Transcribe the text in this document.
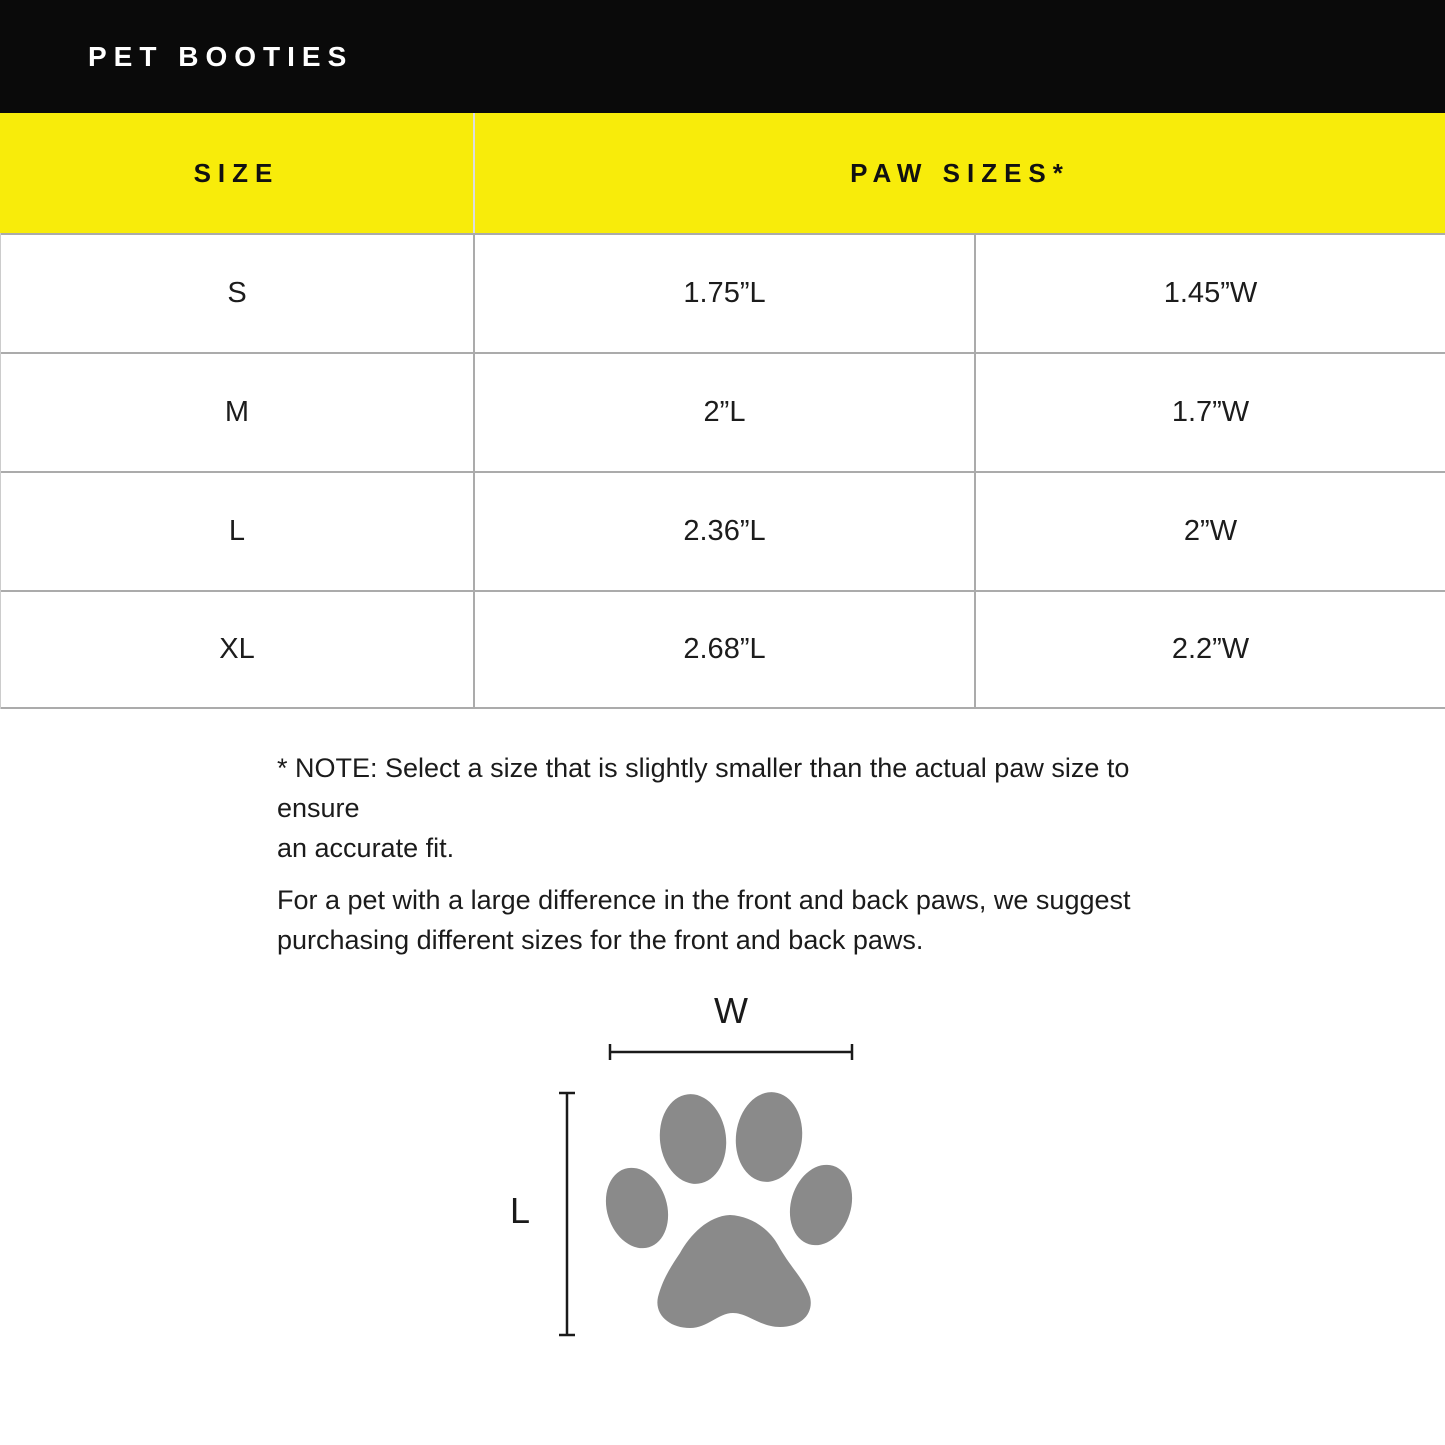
PET BOOTIES
SIZE	PAW SIZES*
S	1.75”L	1.45”W
M	2”L	1.7”W
L	2.36”L	2”W
XL	2.68”L	2.2”W

* NOTE: Select a size that is slightly smaller than the actual paw size to ensure
an accurate fit.

For a pet with a large difference in the front and back paws, we suggest
purchasing different sizes for the front and back paws.

W
L
